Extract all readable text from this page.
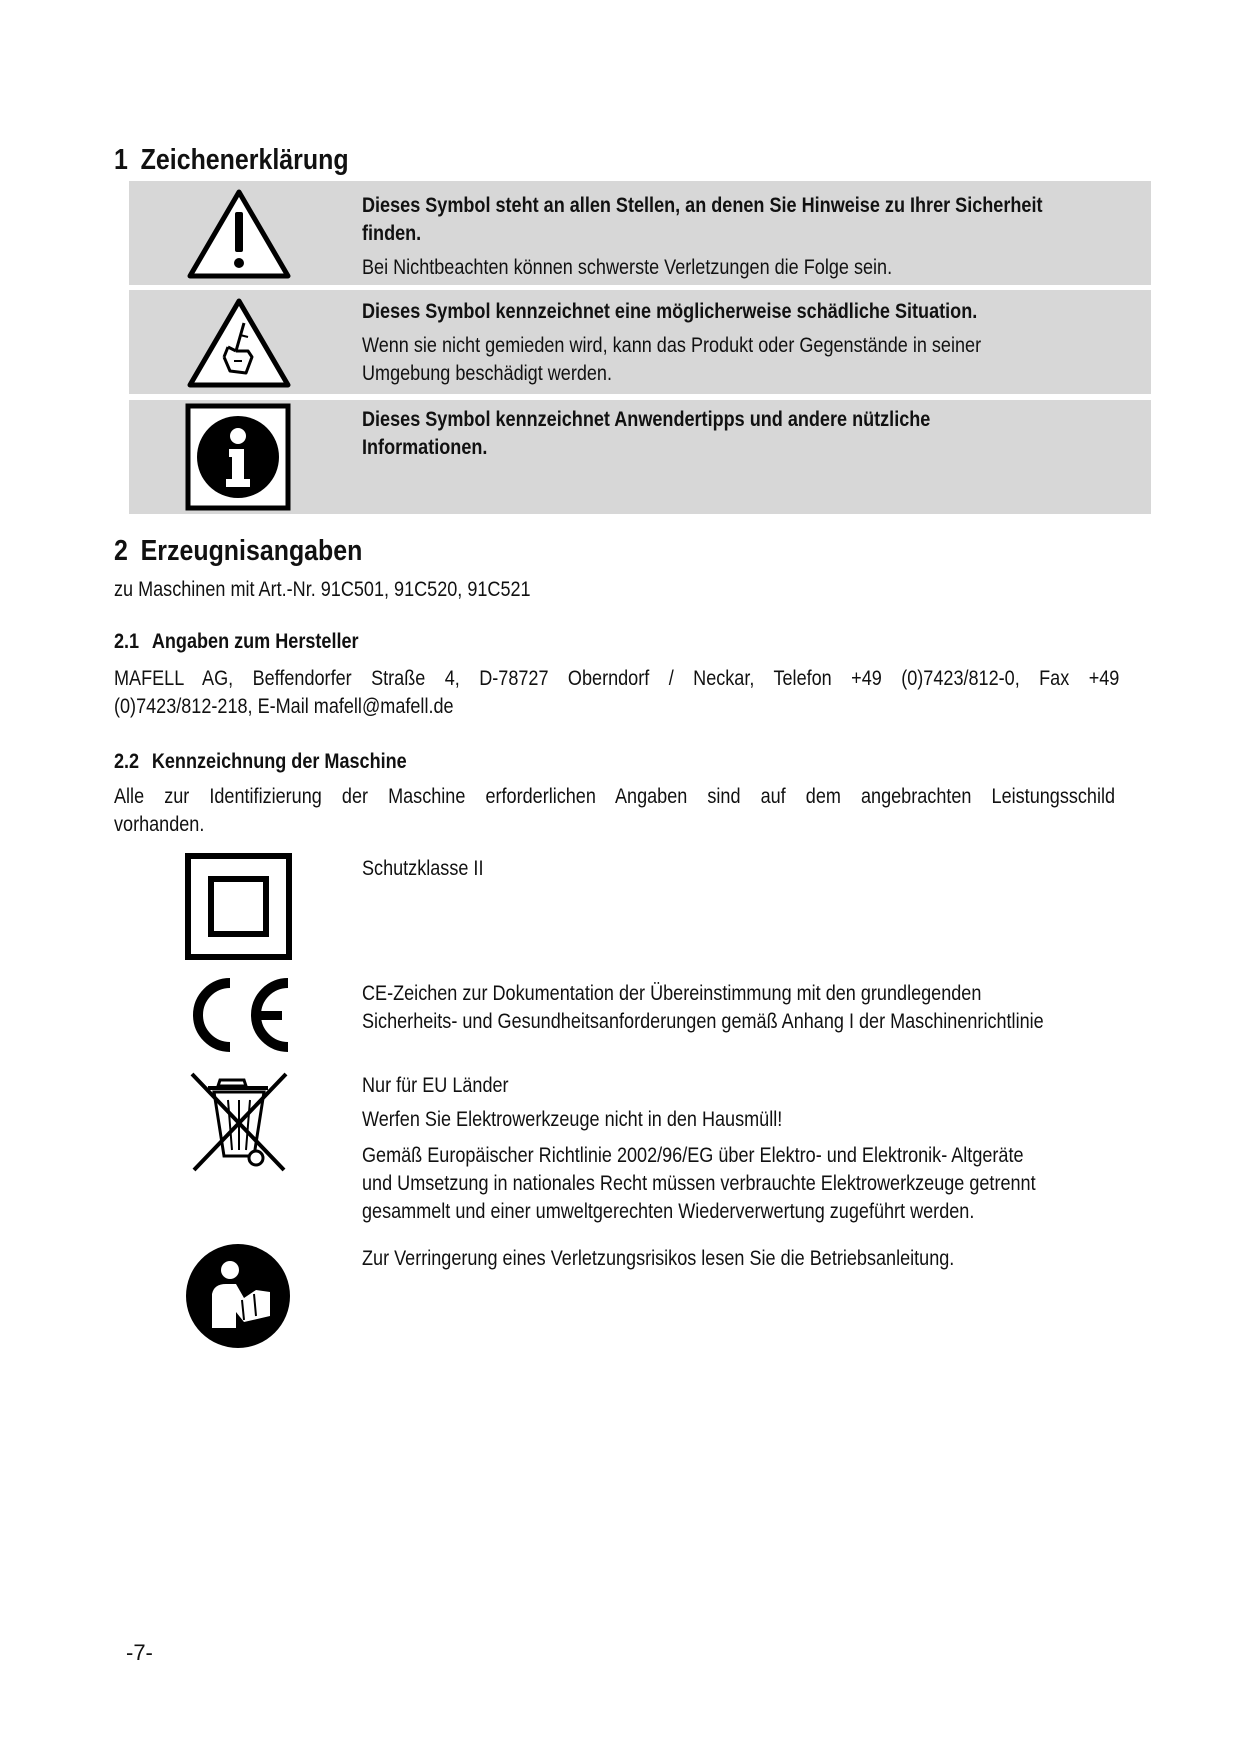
1 Zeichenerklärung
Dieses Symbol steht an allen Stellen, an denen Sie Hinweise zu Ihrer Sicherheit
finden.
Bei Nichtbeachten können schwerste Verletzungen die Folge sein.
Dieses Symbol kennzeichnet eine möglicherweise schädliche Situation.
Wenn sie nicht gemieden wird, kann das Produkt oder Gegenstände in seiner
Umgebung beschädigt werden.
Dieses Symbol kennzeichnet Anwendertipps und andere nützliche
Informationen.
2 Erzeugnisangaben
zu Maschinen mit Art.-Nr. 91C501, 91C520, 91C521
2.1 Angaben zum Hersteller
MAFELL AG, Beffendorfer Straße 4, D-78727 Oberndorf / Neckar, Telefon +49 (0)7423/812-0, Fax +49
(0)7423/812-218, E-Mail mafell@mafell.de
2.2 Kennzeichnung der Maschine
Alle zur Identifizierung der Maschine erforderlichen Angaben sind auf dem angebrachten Leistungsschild
vorhanden.
Schutzklasse II
CE-Zeichen zur Dokumentation der Übereinstimmung mit den grundlegenden
Sicherheits- und Gesundheitsanforderungen gemäß Anhang I der Maschinenrichtlinie
Nur für EU Länder
Werfen Sie Elektrowerkzeuge nicht in den Hausmüll!
Gemäß Europäischer Richtlinie 2002/96/EG über Elektro- und Elektronik- Altgeräte
und Umsetzung in nationales Recht müssen verbrauchte Elektrowerkzeuge getrennt
gesammelt und einer umweltgerechten Wiederverwertung zugeführt werden.
Zur Verringerung eines Verletzungsrisikos lesen Sie die Betriebsanleitung.
-7-
